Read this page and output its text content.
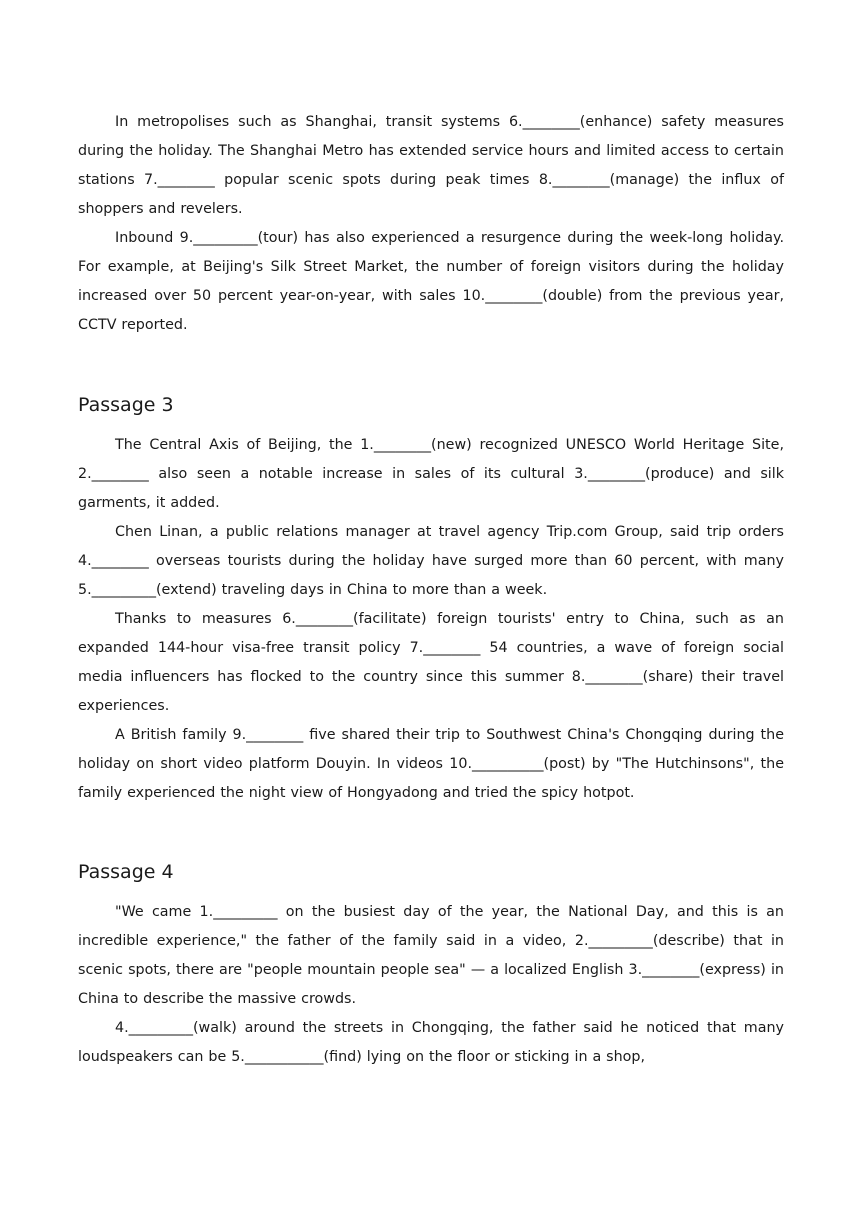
In metropolises such as Shanghai, transit systems 6.________(enhance) safety measures during the holiday. The Shanghai Metro has extended service hours and limited access to certain stations 7.________ popular scenic spots during peak times 8.________(manage) the influx of shoppers and revelers.

Inbound 9._________(tour) has also experienced a resurgence during the week-long holiday. For example, at Beijing's Silk Street Market, the number of foreign visitors during the holiday increased over 50 percent year-on-year, with sales 10.________(double) from the previous year, CCTV reported.

Passage 3

The Central Axis of Beijing, the 1.________(new) recognized UNESCO World Heritage Site, 2.________ also seen a notable increase in sales of its cultural 3.________(produce) and silk garments, it added.

Chen Linan, a public relations manager at travel agency Trip.com Group, said trip orders 4.________ overseas tourists during the holiday have surged more than 60 percent, with many 5._________(extend) traveling days in China to more than a week.

Thanks to measures 6.________(facilitate) foreign tourists' entry to China, such as an expanded 144-hour visa-free transit policy 7.________ 54 countries, a wave of foreign social media influencers has flocked to the country since this summer 8.________(share) their travel experiences.

A British family 9.________ five shared their trip to Southwest China's Chongqing during the holiday on short video platform Douyin. In videos 10.__________(post) by "The Hutchinsons", the family experienced the night view of Hongyadong and tried the spicy hotpot.

Passage 4

"We came 1._________ on the busiest day of the year, the National Day, and this is an incredible experience," the father of the family said in a video, 2._________(describe) that in scenic spots, there are "people mountain people sea" — a localized English 3.________(express) in China to describe the massive crowds.

4._________(walk) around the streets in Chongqing, the father said he noticed that many loudspeakers can be 5.___________(find) lying on the floor or sticking in a shop,
